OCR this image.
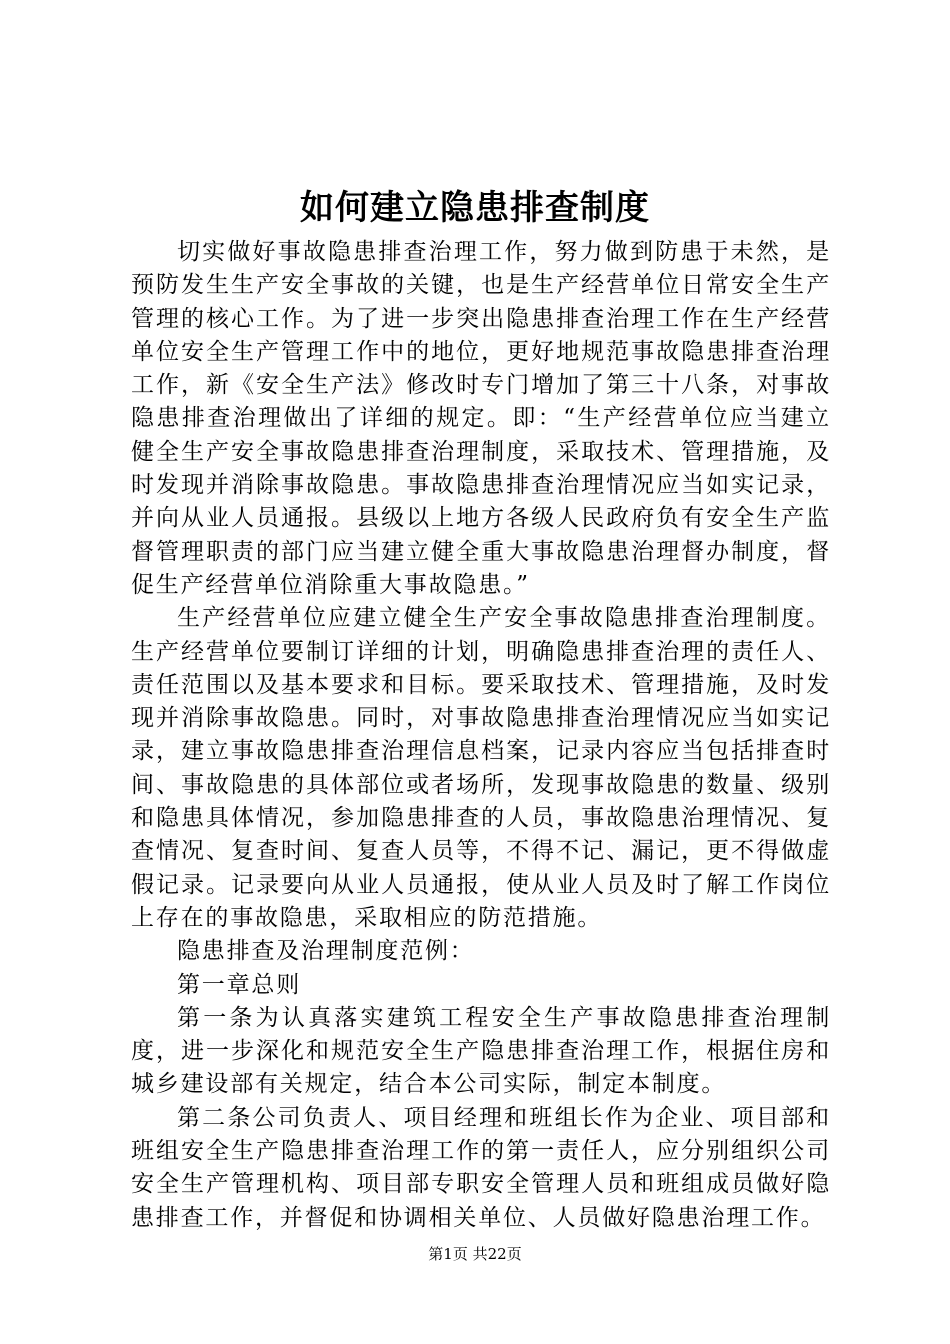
如何建立隐患排查制度

切实做好事故隐患排查治理工作，努力做到防患于未然，是预防发生生产安全事故的关键，也是生产经营单位日常安全生产管理的核心工作。为了进一步突出隐患排查治理工作在生产经营单位安全生产管理工作中的地位，更好地规范事故隐患排查治理工作，新《安全生产法》修改时专门增加了第三十八条，对事故隐患排查治理做出了详细的规定。即：“生产经营单位应当建立健全生产安全事故隐患排查治理制度，采取技术、管理措施，及时发现并消除事故隐患。事故隐患排查治理情况应当如实记录，并向从业人员通报。县级以上地方各级人民政府负有安全生产监督管理职责的部门应当建立健全重大事故隐患治理督办制度，督促生产经营单位消除重大事故隐患。”

生产经营单位应建立健全生产安全事故隐患排查治理制度。生产经营单位要制订详细的计划，明确隐患排查治理的责任人、责任范围以及基本要求和目标。要采取技术、管理措施，及时发现并消除事故隐患。同时，对事故隐患排查治理情况应当如实记录，建立事故隐患排查治理信息档案，记录内容应当包括排查时间、事故隐患的具体部位或者场所，发现事故隐患的数量、级别和隐患具体情况，参加隐患排查的人员，事故隐患治理情况、复查情况、复查时间、复查人员等，不得不记、漏记，更不得做虚假记录。记录要向从业人员通报，使从业人员及时了解工作岗位上存在的事故隐患，采取相应的防范措施。

隐患排查及治理制度范例：

第一章总则

第一条为认真落实建筑工程安全生产事故隐患排查治理制度，进一步深化和规范安全生产隐患排查治理工作，根据住房和城乡建设部有关规定，结合本公司实际，制定本制度。

第二条公司负责人、项目经理和班组长作为企业、项目部和班组安全生产隐患排查治理工作的第一责任人，应分别组织公司安全生产管理机构、项目部专职安全管理人员和班组成员做好隐患排查工作，并督促和协调相关单位、人员做好隐患治理工作。

第1页 共22页
